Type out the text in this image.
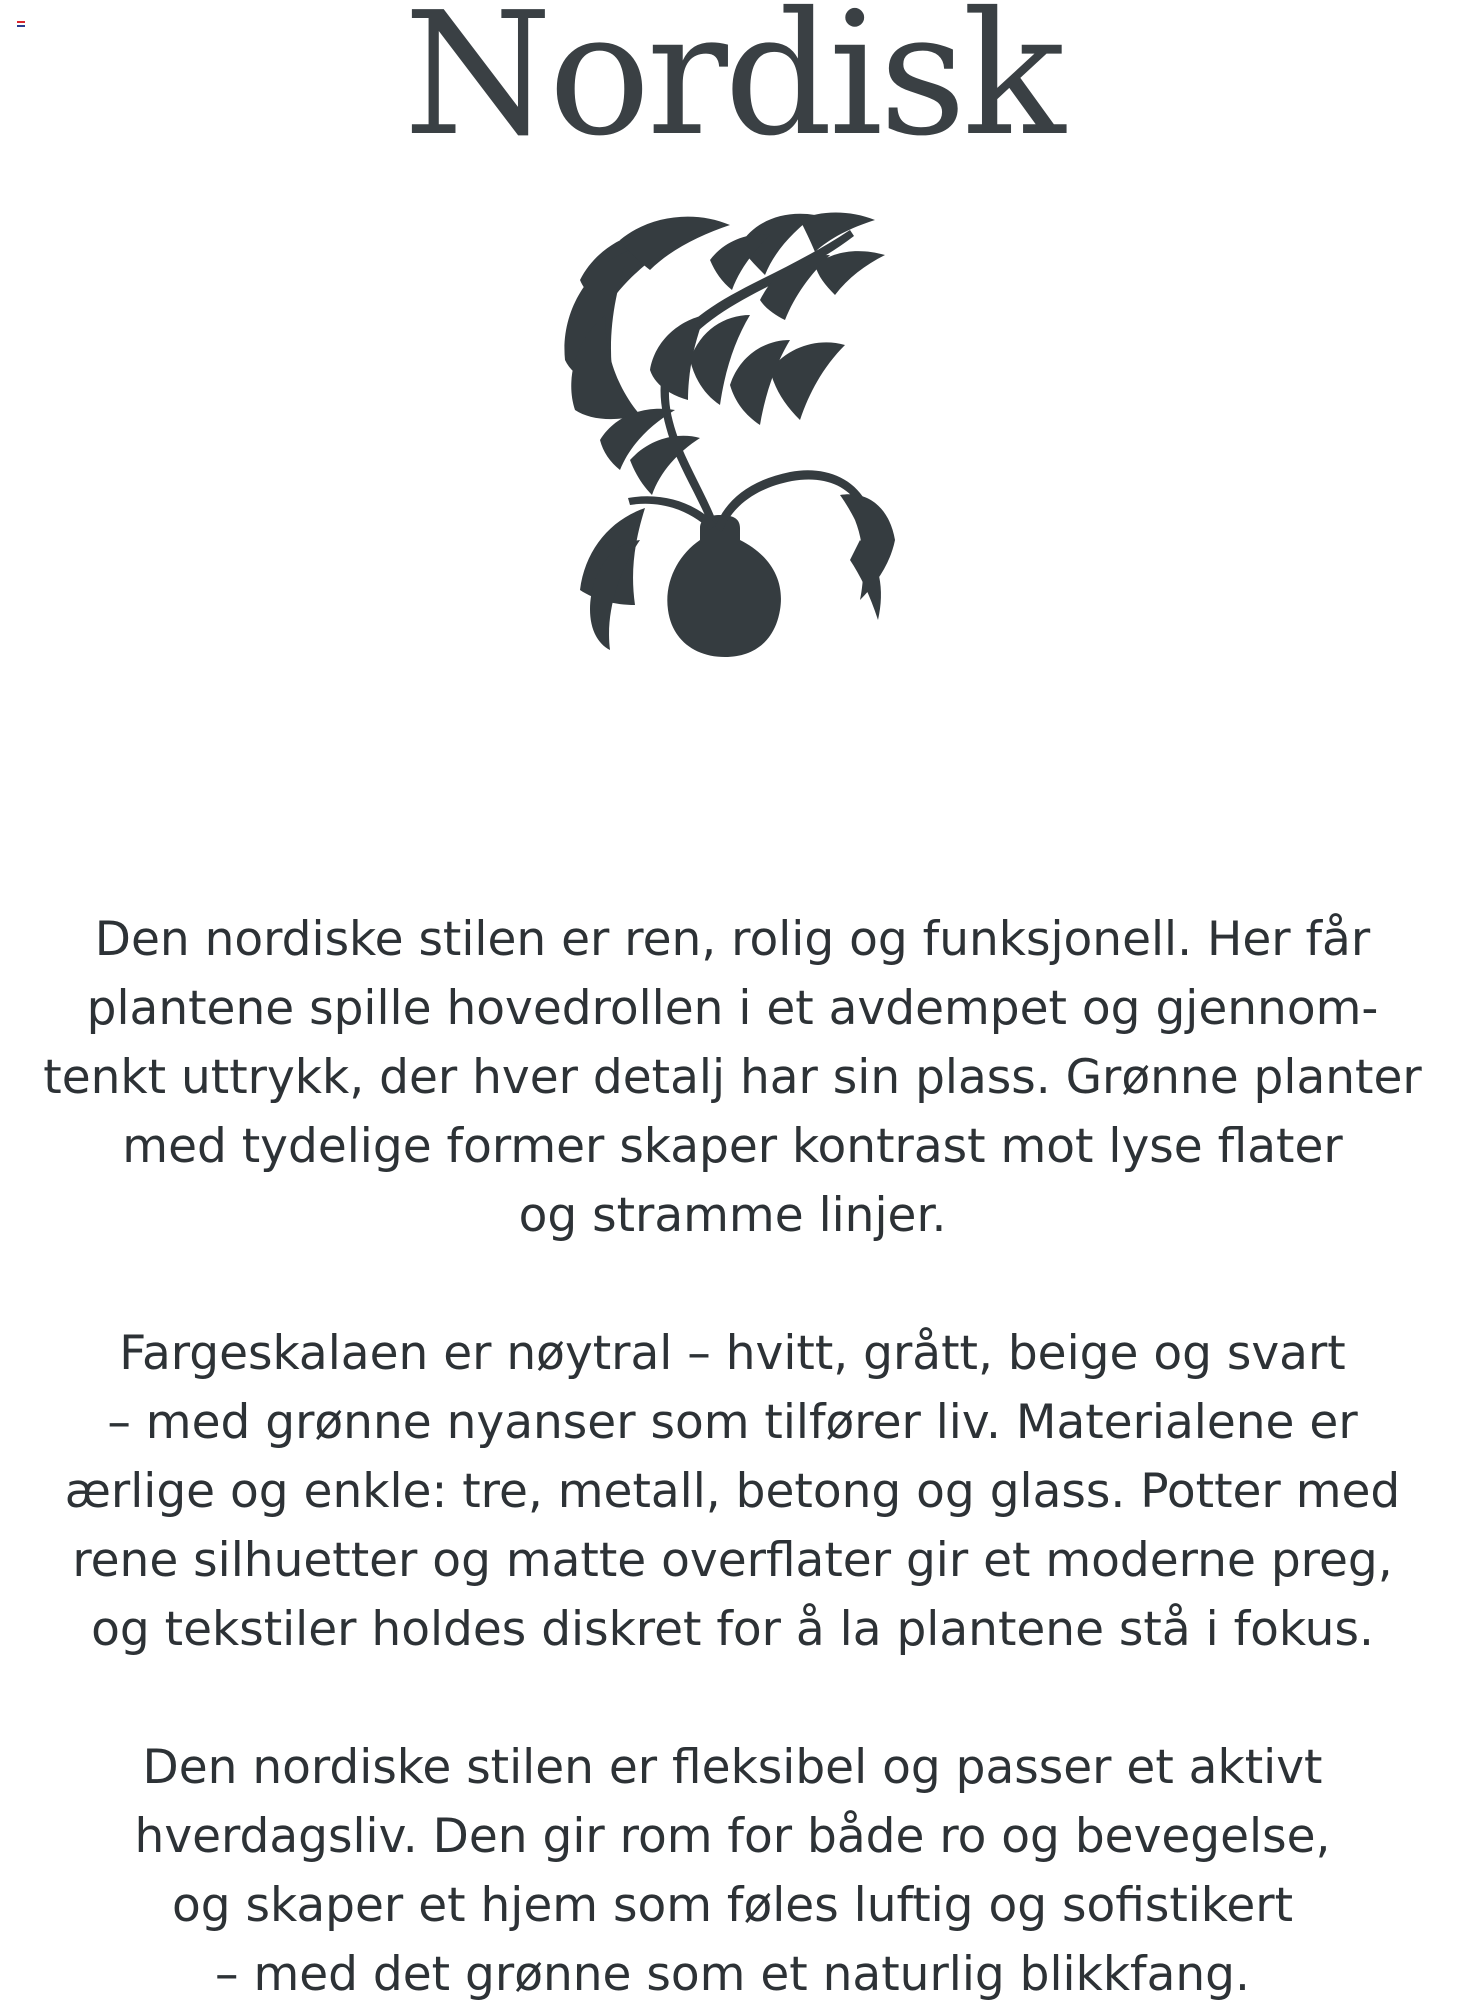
Nordisk

Den nordiske stilen er ren, rolig og funksjonell. Her får
plantene spille hovedrollen i et avdempet og gjennom-
tenkt uttrykk, der hver detalj har sin plass. Grønne planter
med tydelige former skaper kontrast mot lyse flater
og stramme linjer.

Fargeskalaen er nøytral – hvitt, grått, beige og svart
– med grønne nyanser som tilfører liv. Materialene er
ærlige og enkle: tre, metall, betong og glass. Potter med
rene silhuetter og matte overflater gir et moderne preg,
og tekstiler holdes diskret for å la plantene stå i fokus.

Den nordiske stilen er fleksibel og passer et aktivt
hverdagsliv. Den gir rom for både ro og bevegelse,
og skaper et hjem som føles luftig og sofistikert
– med det grønne som et naturlig blikkfang.
